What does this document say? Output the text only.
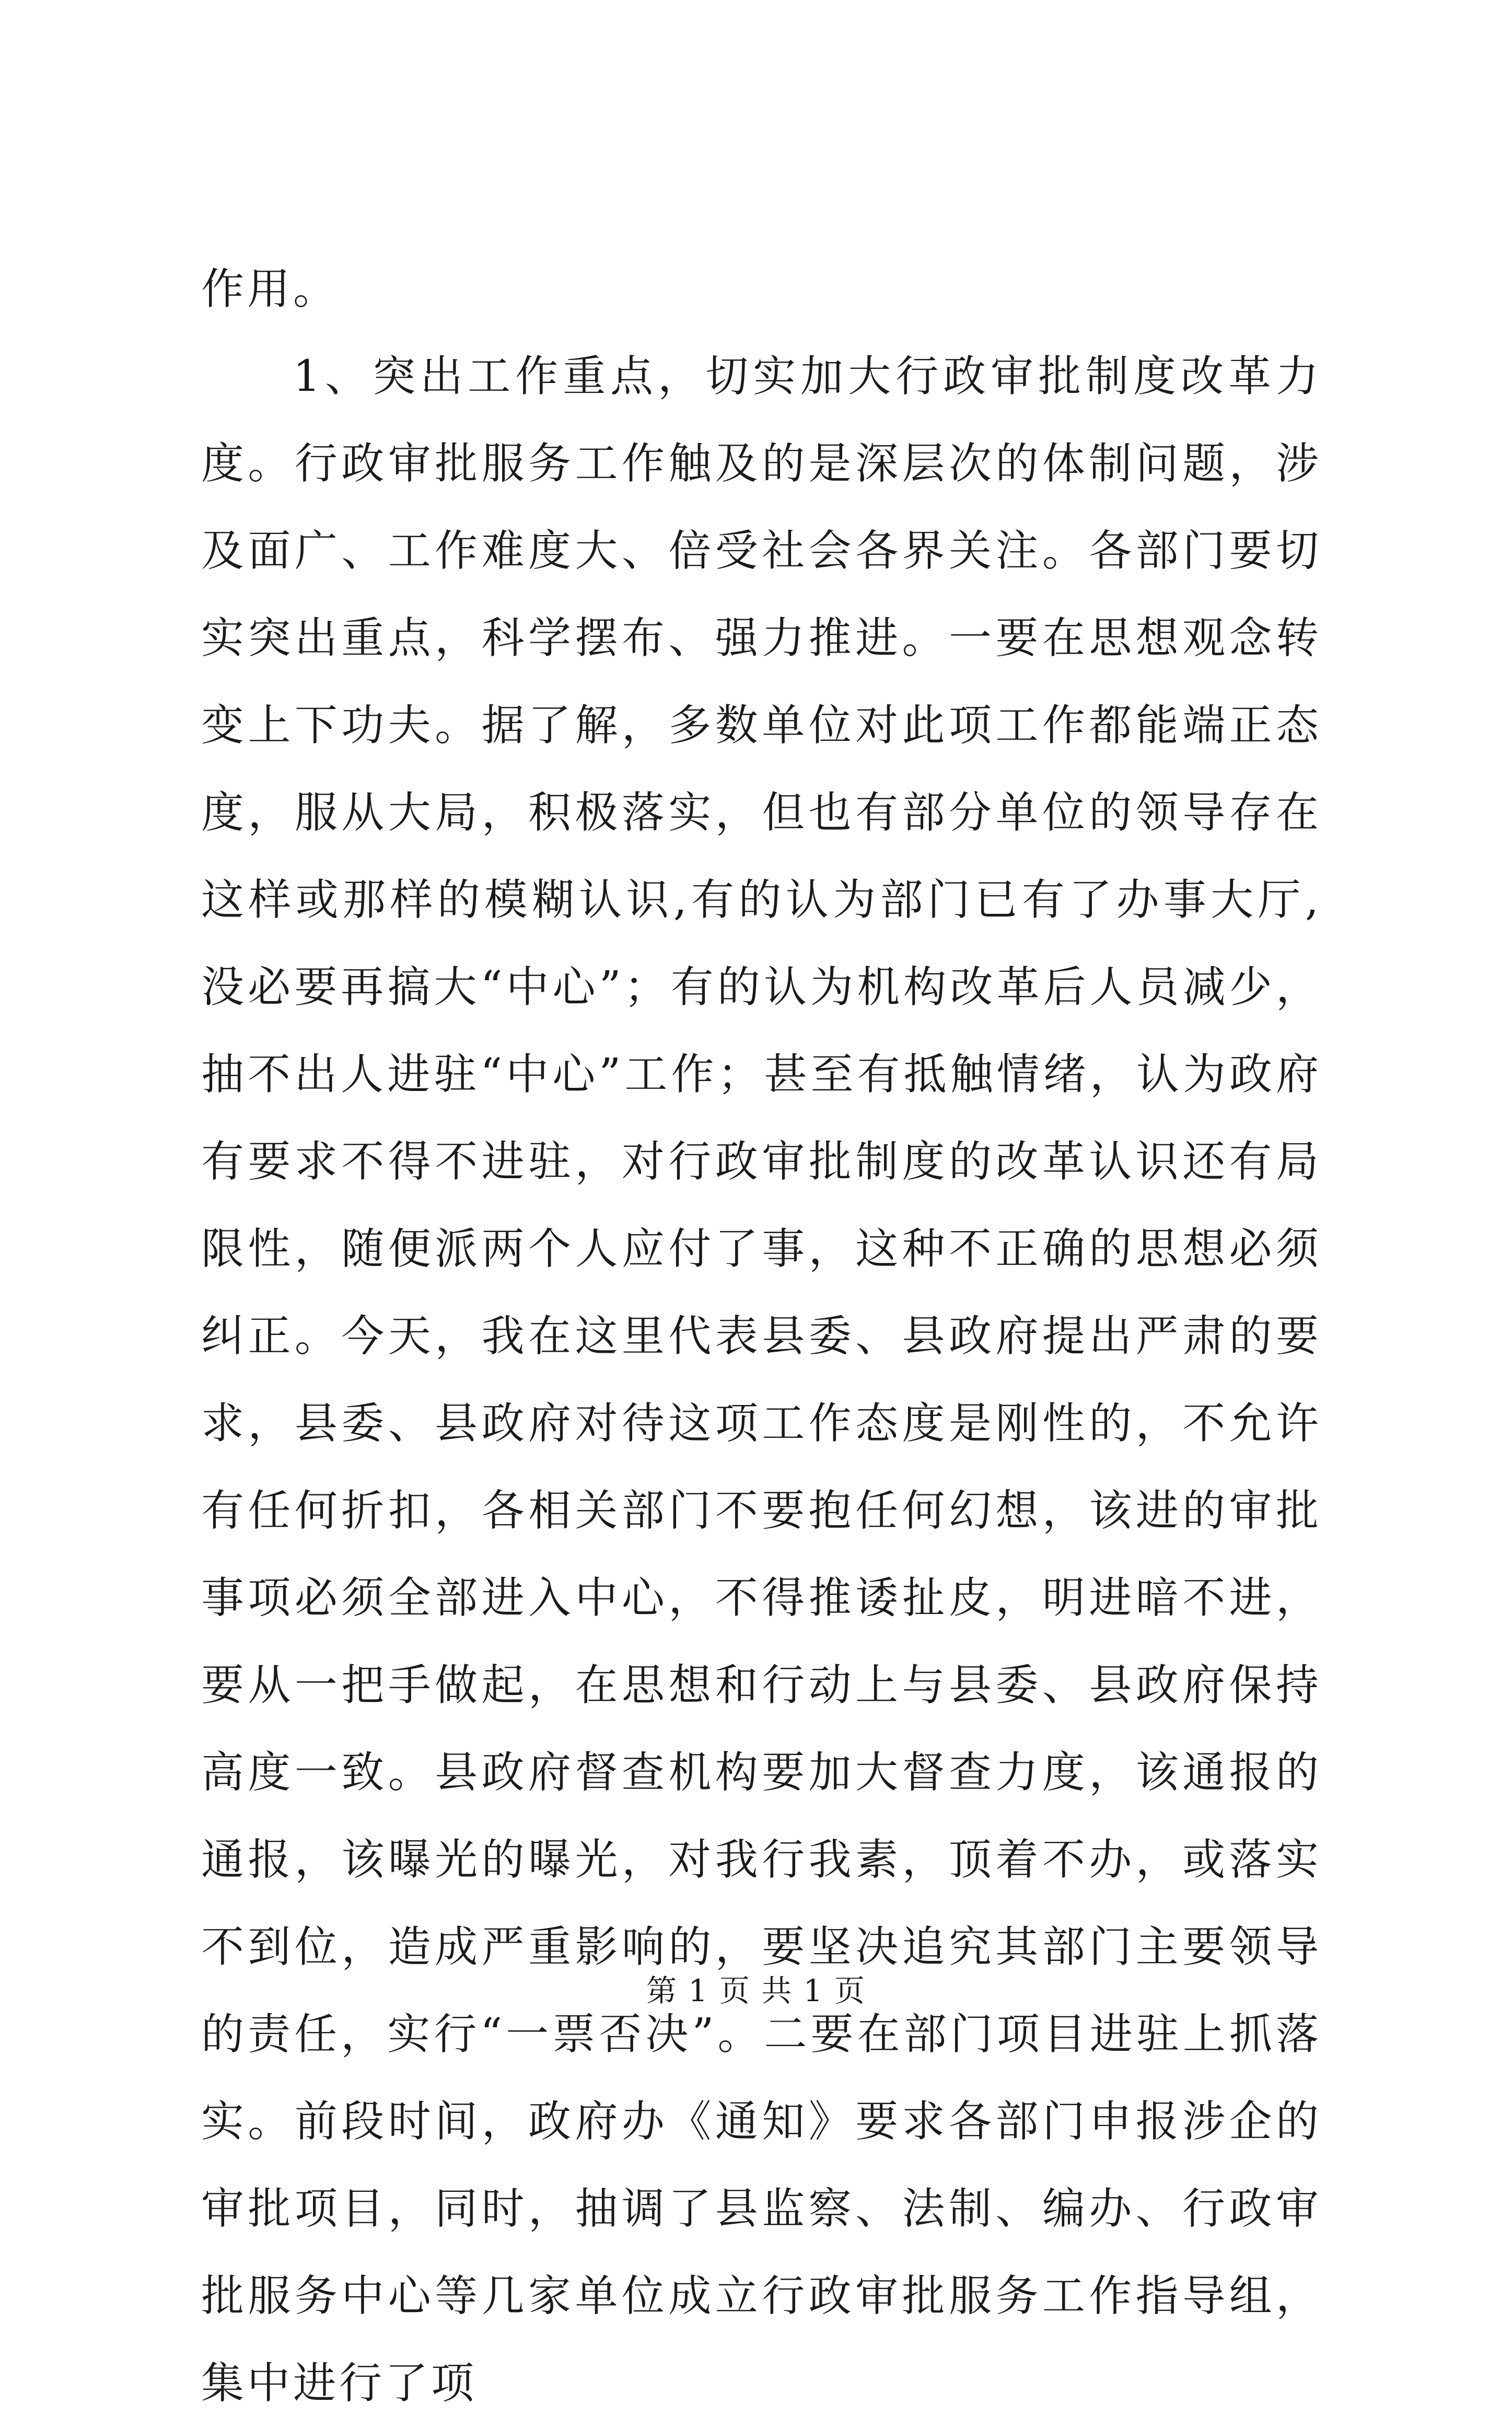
作用。

1、突出工作重点，切实加大行政审批制度改革力度。行政审批服务工作触及的是深层次的体制问题，涉及面广、工作难度大、倍受社会各界关注。各部门要切实突出重点，科学摆布、强力推进。一要在思想观念转变上下功夫。据了解，多数单位对此项工作都能端正态度，服从大局，积极落实，但也有部分单位的领导存在这样或那样的模糊认识,有的认为部门已有了办事大厅,没必要再搞大“中心”；有的认为机构改革后人员减少，抽不出人进驻“中心”工作；甚至有抵触情绪，认为政府有要求不得不进驻，对行政审批制度的改革认识还有局限性，随便派两个人应付了事，这种不正确的思想必须纠正。今天，我在这里代表县委、县政府提出严肃的要求，县委、县政府对待这项工作态度是刚性的，不允许有任何折扣，各相关部门不要抱任何幻想，该进的审批事项必须全部进入中心，不得推诿扯皮，明进暗不进，要从一把手做起，在思想和行动上与县委、县政府保持高度一致。县政府督查机构要加大督查力度，该通报的通报，该曝光的曝光，对我行我素，顶着不办，或落实不到位，造成严重影响的，要坚决追究其部门主要领导的责任，实行“一票否决”。二要在部门项目进驻上抓落实。前段时间，政府办《通知》要求各部门申报涉企的审批项目，同时，抽调了县监察、法制、编办、行政审批服务中心等几家单位成立行政审批服务工作指导组，集中进行了项

第 1 页 共 1 页
